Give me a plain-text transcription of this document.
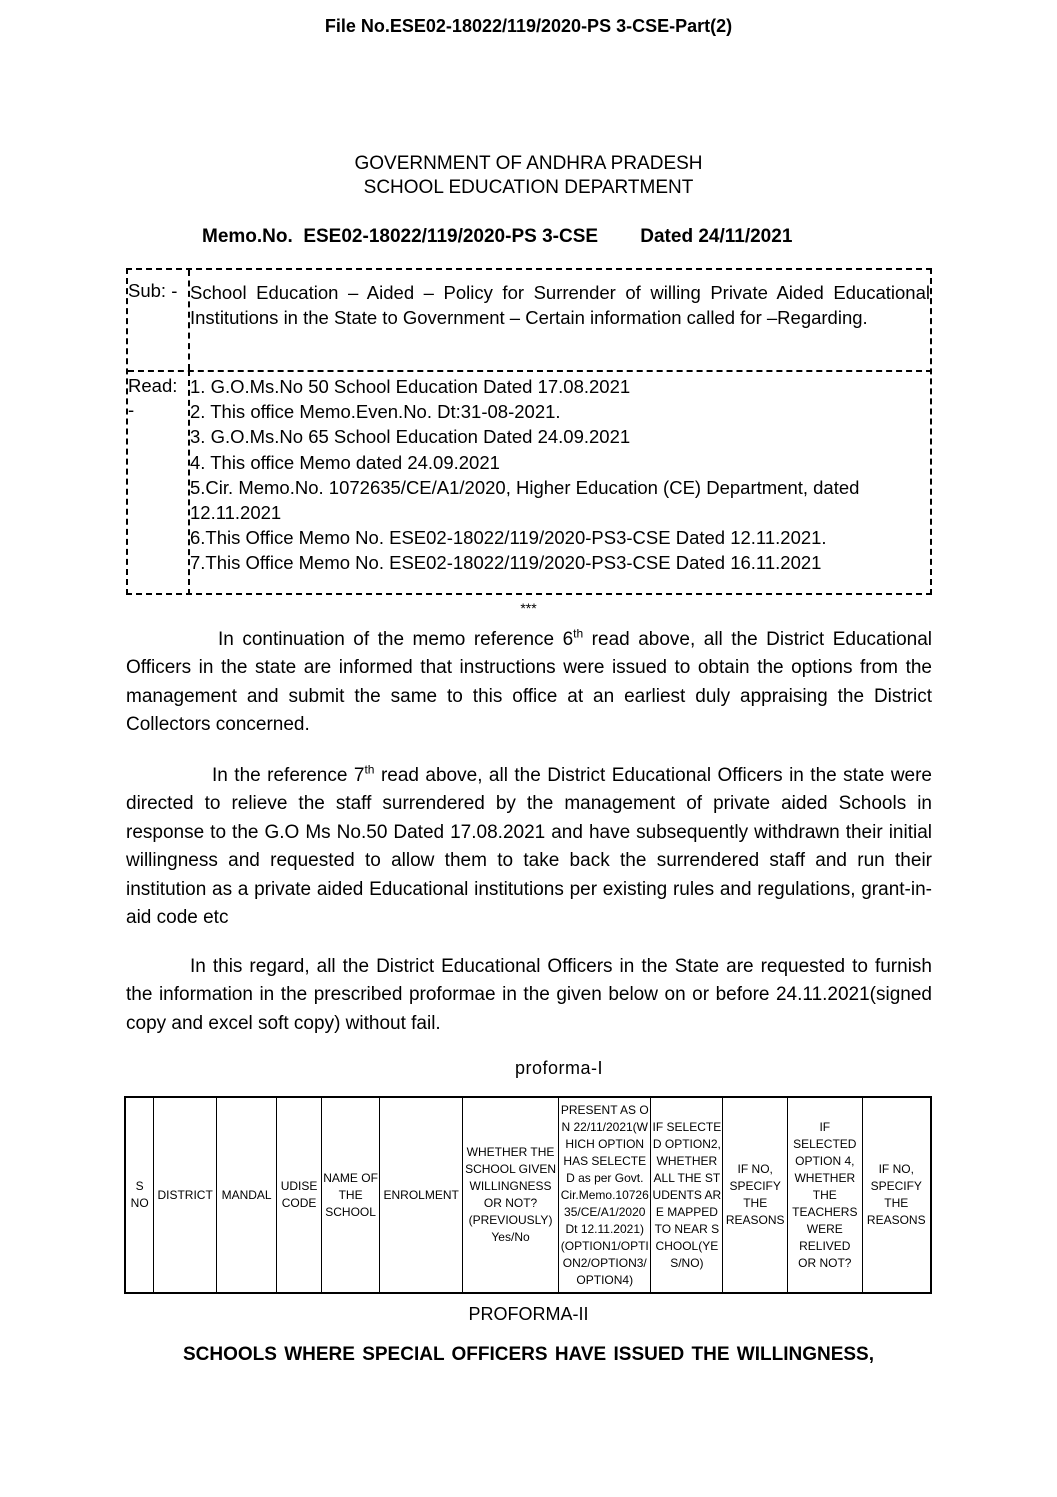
File No.ESE02-18022/119/2020-PS 3-CSE-Part(2)
GOVERNMENT OF ANDHRA PRADESH
SCHOOL EDUCATION DEPARTMENT
Memo.No.  ESE02-18022/119/2020-PS 3-CSE        Dated 24/11/2021
Sub: - School Education – Aided – Policy for Surrender of willing Private Aided Educational Institutions in the State to Government – Certain information called for –Regarding.
Read:
-
1. G.O.Ms.No 50 School Education Dated 17.08.2021
2. This office Memo.Even.No. Dt:31-08-2021.
3. G.O.Ms.No 65 School Education Dated 24.09.2021
4. This office Memo dated 24.09.2021
5.Cir. Memo.No. 1072635/CE/A1/2020, Higher Education (CE) Department, dated 12.11.2021
6.This Office Memo No. ESE02-18022/119/2020-PS3-CSE Dated 12.11.2021.
7.This Office Memo No. ESE02-18022/119/2020-PS3-CSE Dated 16.11.2021
***
In continuation of the memo reference 6th read above, all the District Educational Officers in the state are informed that instructions were issued to obtain the options from the management and submit the same to this office at an earliest duly appraising the District Collectors concerned.
In the reference 7th read above, all the District Educational Officers in the state were directed to relieve the staff surrendered by the management of private aided Schools in response to the G.O Ms No.50 Dated 17.08.2021 and have subsequently withdrawn their initial willingness and requested to allow them to take back the surrendered staff and run their institution as a private aided Educational institutions per existing rules and regulations, grant-in-aid code etc
In this regard, all the District Educational Officers in the State are requested to furnish the information in the prescribed proformae in the given below on or before 24.11.2021(signed copy and excel soft copy) without fail.
proforma-I
S NO	DISTRICT	MANDAL	UDISE CODE	NAME OF THE SCHOOL	ENROLMENT	WHETHER THE SCHOOL GIVEN WILLINGNESS OR NOT? (PREVIOUSLY) Yes/No	PRESENT AS ON 22/11/2021(WHICH OPTION HAS SELECTED as per Govt. Cir.Memo.1072635/CE/A1/2020 Dt 12.11.2021) (OPTION1/OPTION2/OPTION3/OPTION4)	IF SELECTED OPTION2, WHETHER ALL THE STUDENTS ARE MAPPED TO NEAR SCHOOL(YES/NO)	IF NO, SPECIFY THE REASONS	IF SELECTED OPTION 4, WHETHER THE TEACHERS WERE RELIVED OR NOT?	IF NO, SPECIFY THE REASONS
PROFORMA-II
SCHOOLS WHERE SPECIAL OFFICERS HAVE ISSUED THE WILLINGNESS,
